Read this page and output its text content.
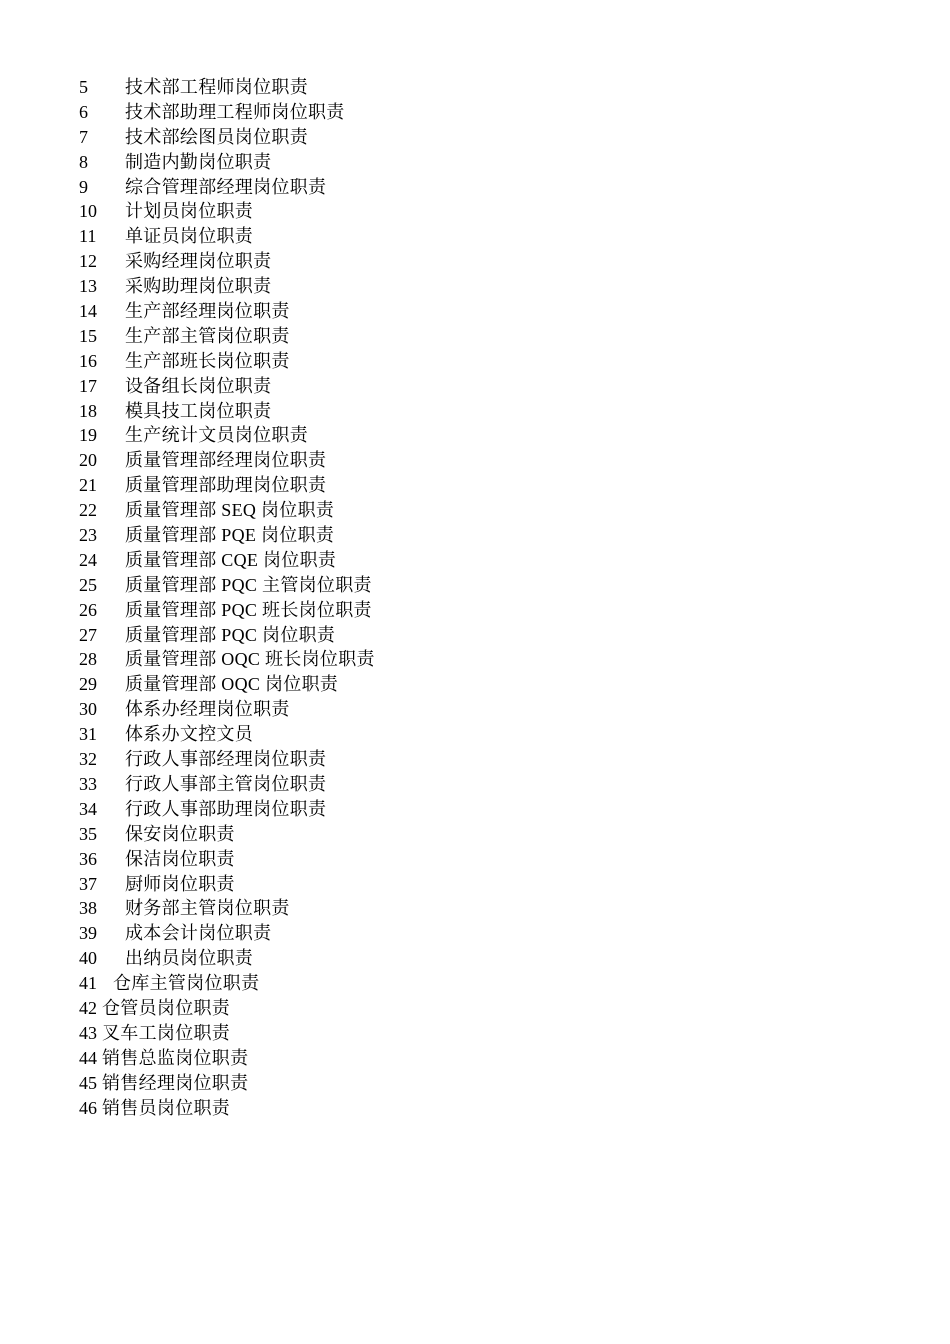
5 技术部工程师岗位职责
6 技术部助理工程师岗位职责
7 技术部绘图员岗位职责
8 制造内勤岗位职责
9 综合管理部经理岗位职责
10 计划员岗位职责
11 单证员岗位职责
12 采购经理岗位职责
13 采购助理岗位职责
14 生产部经理岗位职责
15 生产部主管岗位职责
16 生产部班长岗位职责
17 设备组长岗位职责
18 模具技工岗位职责
19 生产统计文员岗位职责
20 质量管理部经理岗位职责
21 质量管理部助理岗位职责
22 质量管理部 SEQ 岗位职责
23 质量管理部 PQE 岗位职责
24 质量管理部 CQE 岗位职责
25 质量管理部 PQC 主管岗位职责
26 质量管理部 PQC 班长岗位职责
27 质量管理部 PQC 岗位职责
28 质量管理部 OQC 班长岗位职责
29 质量管理部 OQC 岗位职责
30 体系办经理岗位职责
31 体系办文控文员
32 行政人事部经理岗位职责
33 行政人事部主管岗位职责
34 行政人事部助理岗位职责
35 保安岗位职责
36 保洁岗位职责
37 厨师岗位职责
38 财务部主管岗位职责
39 成本会计岗位职责
40 出纳员岗位职责
41 仓库主管岗位职责
42 仓管员岗位职责
43 叉车工岗位职责
44 销售总监岗位职责
45 销售经理岗位职责
46 销售员岗位职责
